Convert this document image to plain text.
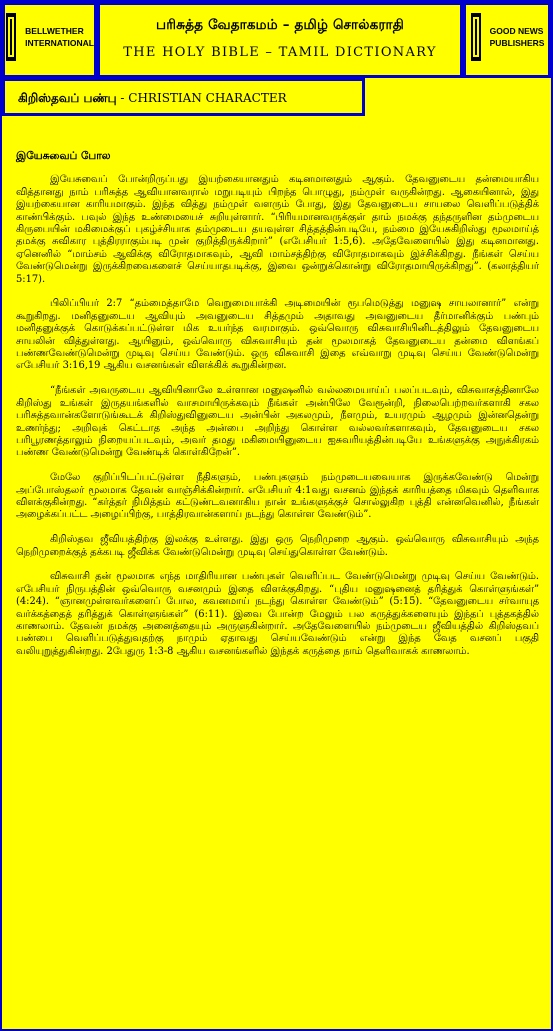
BELLWETHER
INTERNATIONAL
பரிசுத்த வேதாகமம் – தமிழ் சொல்கராதி
THE HOLY BIBLE – TAMIL DICTIONARY
GOOD NEWS
PUBLISHERS
கிறிஸ்தவப் பண்பு - CHRISTIAN CHARACTER
இயேசுவைப் போல

இயேசுவைப் போன்றிருப்பது இயற்கையானதும் கடினமானதும் ஆகும். தேவனுடைய தன்மையாகிய வித்தானது நாம் பரிசுத்த ஆவியானவரால் மறுபடியும் பிறந்த பொழுது, நம்முள் வருகின்றது. ஆகையினால், இது இயற்கையான காரியமாகும். இந்த வித்து நம்முள் வளரும் போது, இது தேவனுடைய சாயலை வெளிப்படுத்திக் காண்பிக்கும். பவுல் இந்த உண்மையைச் சுறியுள்ளார். “பிரியமானவருக்குள் தாம் நமக்கு தந்தருளின தம்முடைய கிருபையின் மகிமைக்குப் புகழ்ச்சியாக தம்முடைய தயவுள்ள சித்தத்தின்படியே, நம்மை இயேசுகிறிஸ்து மூலமாய்த் தமக்கு சுவிகார புத்திரராகும்படி முன் குறித்திருக்கிறார்” (எபேசியர் 1:5,6). அதேவேளையில் இது கடினமானது. ஏனெனில் “மாம்சம் ஆவிக்கு விரோதமாகவும், ஆவி மாம்சத்திற்கு விரோதமாகவும் இச்சிக்கிறது. நீங்கள் செய்ய வேண்டுமென்று இருக்கிறவைகளைச் செய்யாதபடிக்கு, இவை ஒன்றுக்கொன்று விரோதமாயிருக்கிறது”. (கலாத்தியர் 5:17).

பிலிப்பியர் 2:7 “தம்மைத்தாமே வெறுமையாக்கி அடிமையின் ரூபமெடுத்து மனுஷ சாயலானார்” என்று கூறுகிறது. மனிதனுடைய ஆவியும் அவனுடைய சித்தமும் அதாவது அவனுடைய தீர்மானிக்கும் பண்பும் மனிதனுக்குக் கொடுக்கப்பட்டுள்ள மிக உயர்ந்த வரமாகும். ஒவ்வொரு விசுவாசியினிடத்திலும் தேவனுடைய சாயலின் வித்துள்ளது. ஆயினும், ஒவ்வொரு விசுவாசியும் தன் மூலமாகத் தேவனுடைய தன்மை விளங்கப் பண்ணவேண்டுமென்று முடிவு செய்ய வேண்டும். ஒரு விசுவாசி இதை எவ்வாறு முடிவு செய்ய வேண்டுமென்று எபேசியர் 3:16,19 ஆகிய வசனங்கள் விளக்கிக் கூறுகின்றன.

“நீங்கள் அவருடைய ஆவியினாலே உள்ளான மனுஷனில் வல்லமையாய்ப் பலப்படவும், விசுவாசத்தினாலே கிறிஸ்து உங்கள் இருதயங்களில் வாசமாயிருக்கவும் நீங்கள் அன்பிலே வேரூன்றி, நிலைபெற்றவர்களாகி சகல பரிசுத்தவான்களோடுங்கூடக் கிறிஸ்துவினுடைய அன்பின் அகலமும், நீளமும், உயரமும் ஆழமும் இன்னதென்று உணர்ந்து; அறிவுக் கெட்டாத அந்த அன்பை அறிந்து கொள்ள வல்லவர்களாகவும், தேவனுடைய சகல பரிபூரணத்தாலும் நிறையப்படவும், அவர் தமது மகிமையினுடைய ஐசுவரியத்தின்படியே உங்களுக்கு அநுக்கிரகம் பண்ண வேண்டுமென்று வேண்டிக் கொள்கிறேன்”.

மேலே குறிப்பிடப்பட்டுள்ள நீதிகளும், பண்புகளும் நம்முடையவையாக இருக்கவேண்டு மென்று அப்போஸ்தலர் மூலமாக தேவன் வாஞ்சிக்கின்றார். எபேசியர் 4:1வது வசனம் இந்தக் காரியத்தை மிகவும் தெளிவாக விளக்குகின்றது. “கர்த்தர் நிமித்தம் கட்டுண்டவனாகிய நான் உங்களுக்குச் சொல்லுகிற புத்தி என்னவெனில், நீங்கள் அழைக்கப்பட்ட அழைப்பிற்கு, பாத்திரவான்களாய் நடந்து கொள்ள வேண்டும்”.

கிறிஸ்தவ ஜீவியத்திற்கு இலக்கு உள்ளது. இது ஒரு நெறிமுறை ஆகும். ஒவ்வொரு விசுவாசியும் அந்த நெறிமுறைக்குத் தக்கபடி ஜீவிக்க வேண்டுமென்று முடிவு செய்துகொள்ள வேண்டும்.

விசுவாசி தன் மூலமாக எந்த மாதிரியான பண்புகள் வெளிப்பட வேண்டுமென்று முடிவு செய்ய வேண்டும். எபேசியர் நிருபத்தின் ஒவ்வொரு வசனமும் இதை விளக்குகிறது. “புதிய மனுஷனைத் தரித்துக் கொள்ளுங்கள்” (4:24). “ஞானமுள்ளவர்களைப் போல, கவனமாய் நடந்து கொள்ள வேண்டும்” (5:15). “தேவனுடைய சர்வாயுத வர்க்கத்தைத் தரித்துக் கொள்ளுங்கள்” (6:11). இவை போன்ற மேலும் பல கருத்துக்களையும் இந்தப் புத்தகத்தில் காணலாம். தேவன் நமக்கு அனைத்தையும் அருளுகின்றார். அதேவேளையில் நம்முடைய ஜீவியத்தில் கிறிஸ்தவப் பண்பை வெளிப்படுத்துவதற்கு நாமும் ஏதாவது செய்யவேண்டும் என்று இந்த வேத வசனப் பகுதி வலியுறுத்துகின்றது. 2பேதுரு 1:3-8 ஆகிய வசனங்களில் இந்தக் கருத்தை நாம் தெளிவாகக் காணலாம்.
